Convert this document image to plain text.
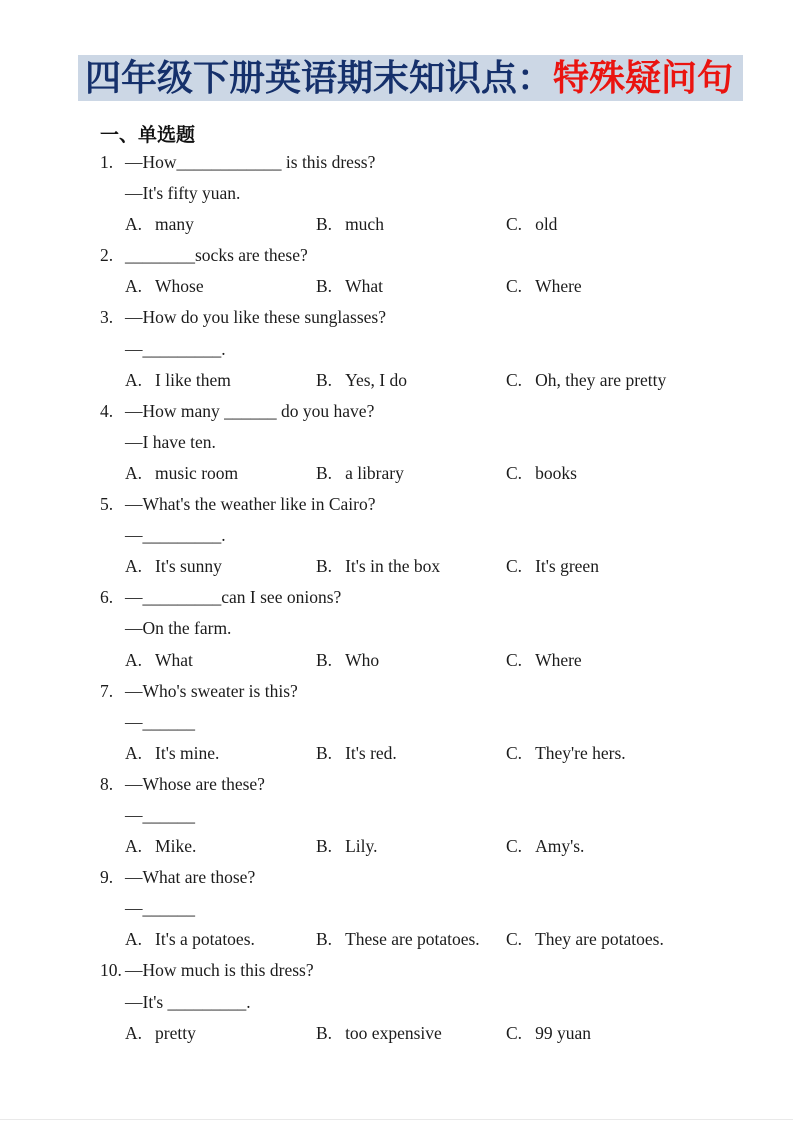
四年级下册英语期末知识点：特殊疑问句
一、单选题
1. —How____________ is this dress?
—It's fifty yuan.
A. many	B. much	C. old
2. ________socks are these?
A. Whose	B. What	C. Where
3. —How do you like these sunglasses?
—_________.
A. I like them	B. Yes, I do	C. Oh, they are pretty
4. —How many ______ do you have?
—I have ten.
A. music room	B. a library	C. books
5. —What's the weather like in Cairo?
—_________.
A. It's sunny	B. It's in the box	C. It's green
6. —_________can I see onions?
—On the farm.
A. What	B. Who	C. Where
7. —Who's sweater is this?
—______
A. It's mine.	B. It's red.	C. They're hers.
8. —Whose are these?
—______
A. Mike.	B. Lily.	C. Amy's.
9. —What are those?
—______
A. It's a potatoes.	B. These are potatoes.	C. They are potatoes.
10. —How much is this dress?
—It's _________.
A. pretty	B. too expensive	C. 99 yuan
